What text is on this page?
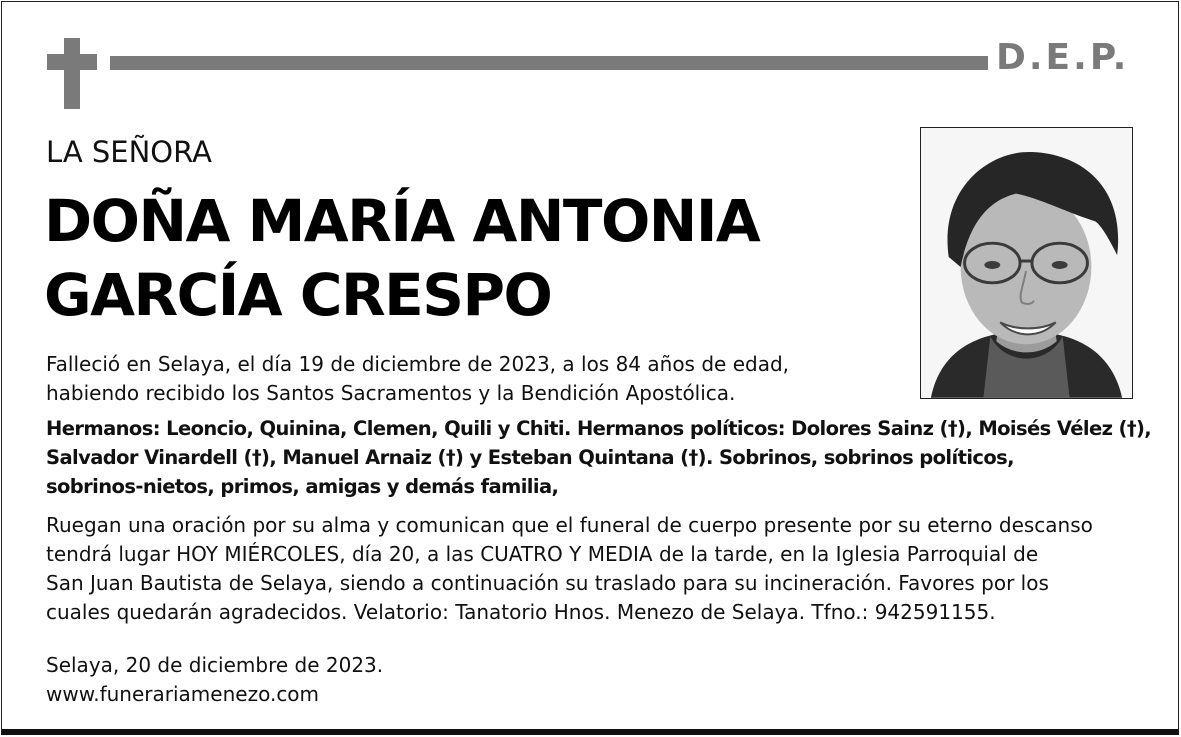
D.E.P.
LA SEÑORA
DOÑA MARÍA ANTONIA
GARCÍA CRESPO
Falleció en Selaya, el día 19 de diciembre de 2023, a los 84 años de edad,
habiendo recibido los Santos Sacramentos y la Bendición Apostólica.
Hermanos: Leoncio, Quinina, Clemen, Quili y Chiti. Hermanos políticos: Dolores Sainz (†), Moisés Vélez (†),
Salvador Vinardell (†), Manuel Arnaiz (†) y Esteban Quintana (†). Sobrinos, sobrinos políticos,
sobrinos-nietos, primos, amigas y demás familia,
Ruegan una oración por su alma y comunican que el funeral de cuerpo presente por su eterno descanso
tendrá lugar HOY MIÉRCOLES, día 20, a las CUATRO Y MEDIA de la tarde, en la Iglesia Parroquial de
San Juan Bautista de Selaya, siendo a continuación su traslado para su incineración. Favores por los
cuales quedarán agradecidos. Velatorio: Tanatorio Hnos. Menezo de Selaya. Tfno.: 942591155.
Selaya, 20 de diciembre de 2023.
www.funerariamenezo.com
